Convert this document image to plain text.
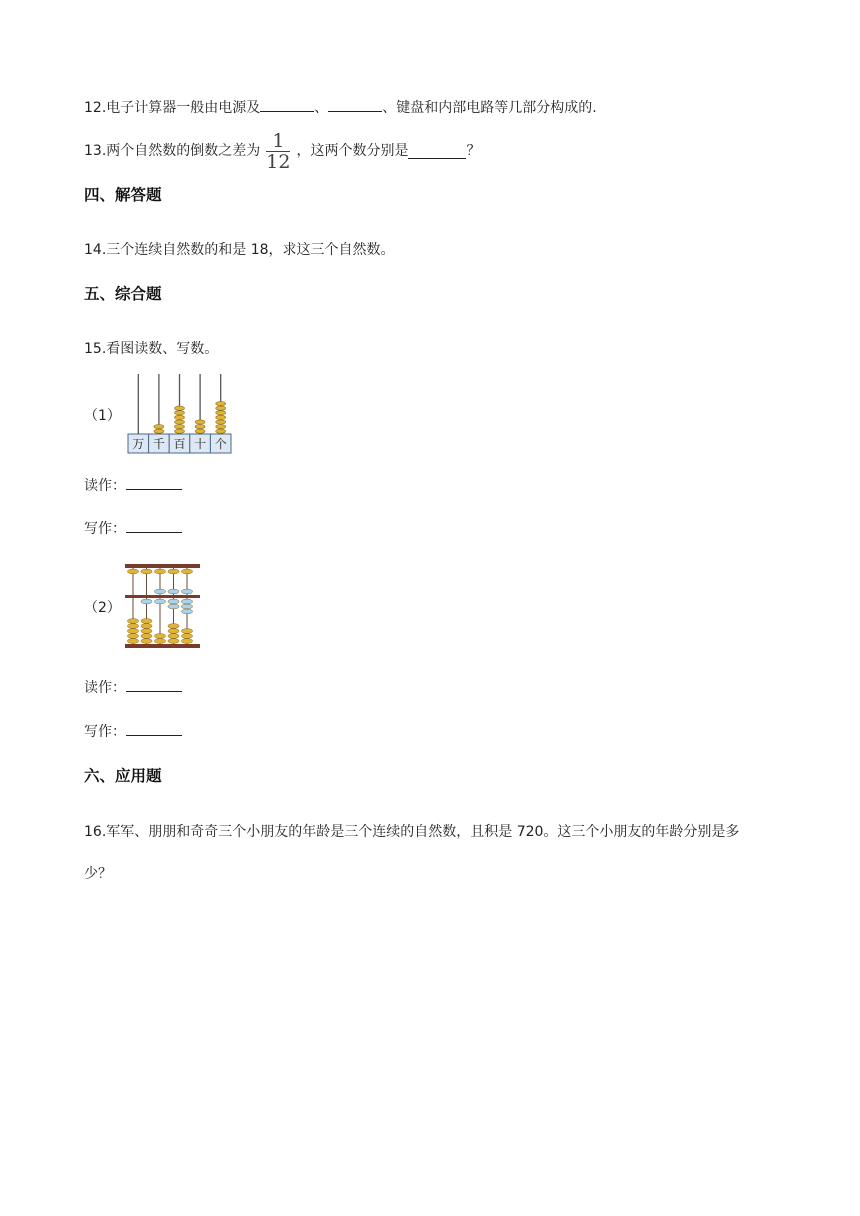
12.电子计算器一般由电源及	、	、键盘和内部电路等几部分构成的.
13.两个自然数的倒数之差为 $\frac{1}{12}$ ，这两个数分别是	？
四、解答题
14.三个连续自然数的和是 18，求这三个自然数。
五、综合题
15.看图读数、写数。
（1）
万 千 百 十 个
读作：
写作：
（2）
读作：
写作：
六、应用题
16.军军、朋朋和奇奇三个小朋友的年龄是三个连续的自然数，且积是 720。这三个小朋友的年龄分别是多
少？
